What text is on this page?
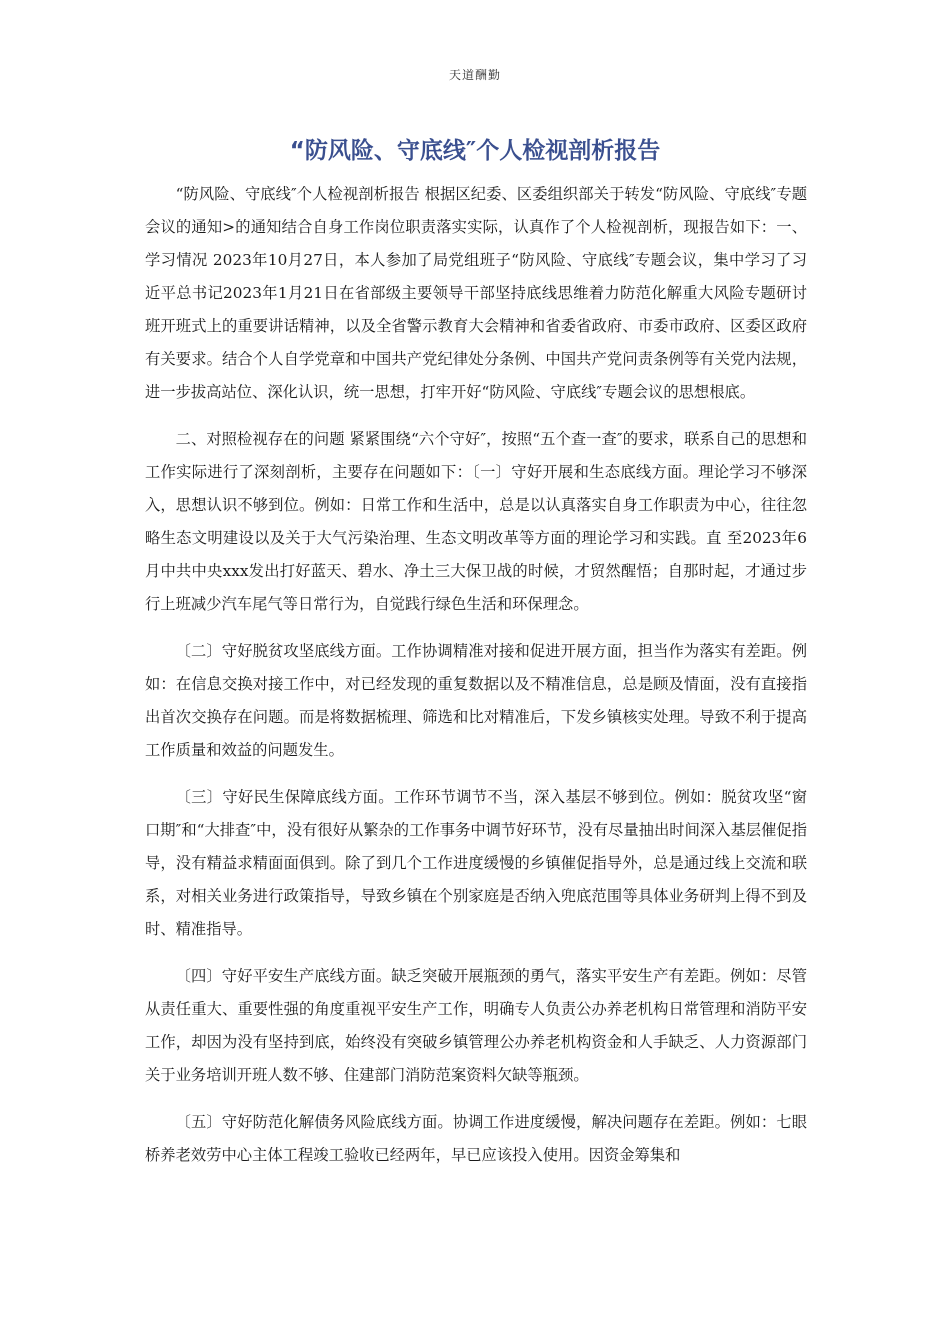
天道酬勤
“防风险、守底线″个人检视剖析报告

“防风险、守底线″个人检视剖析报告 根据区纪委、区委组织部关于转发“防风险、守底线″专题会议的通知>的通知结合自身工作岗位职责落实实际，认真作了个人检视剖析，现报告如下：一、学习情况 2023年10月27日，本人参加了局党组班子“防风险、守底线″专题会议，集中学习了习近平总书记2023年1月21日在省部级主要领导干部坚持底线思维着力防范化解重大风险专题研讨班开班式上的重要讲话精神，以及全省警示教育大会精神和省委省政府、市委市政府、区委区政府有关要求。结合个人自学党章和中国共产党纪律处分条例、中国共产党问责条例等有关党内法规，进一步拔高站位、深化认识，统一思想，打牢开好“防风险、守底线″专题会议的思想根底。

二、对照检视存在的问题 紧紧围绕“六个守好″，按照“五个查一查″的要求，联系自己的思想和工作实际进行了深刻剖析，主要存在问题如下：〔一〕守好开展和生态底线方面。理论学习不够深入，思想认识不够到位。例如：日常工作和生活中，总是以认真落实自身工作职责为中心，往往忽略生态文明建设以及关于大气污染治理、生态文明改革等方面的理论学习和实践。直 至2023年6月中共中央xxx发出打好蓝天、碧水、净土三大保卫战的时候，才贸然醒悟；自那时起，才通过步行上班减少汽车尾气等日常行为，自觉践行绿色生活和环保理念。

〔二〕守好脱贫攻坚底线方面。工作协调精准对接和促进开展方面，担当作为落实有差距。例如：在信息交换对接工作中，对已经发现的重复数据以及不精准信息，总是顾及情面，没有直接指出首次交换存在问题。而是将数据梳理、筛选和比对精准后，下发乡镇核实处理。导致不利于提高工作质量和效益的问题发生。

〔三〕守好民生保障底线方面。工作环节调节不当，深入基层不够到位。例如：脱贫攻坚“窗口期″和“大排查″中，没有很好从繁杂的工作事务中调节好环节，没有尽量抽出时间深入基层催促指导，没有精益求精面面俱到。除了到几个工作进度缓慢的乡镇催促指导外，总是通过线上交流和联系，对相关业务进行政策指导，导致乡镇在个别家庭是否纳入兜底范围等具体业务研判上得不到及时、精准指导。

〔四〕守好平安生产底线方面。缺乏突破开展瓶颈的勇气，落实平安生产有差距。例如：尽管从责任重大、重要性强的角度重视平安生产工作，明确专人负责公办养老机构日常管理和消防平安工作，却因为没有坚持到底，始终没有突破乡镇管理公办养老机构资金和人手缺乏、人力资源部门关于业务培训开班人数不够、住建部门消防范案资料欠缺等瓶颈。

〔五〕守好防范化解债务风险底线方面。协调工作进度缓慢，解决问题存在差距。例如：七眼桥养老效劳中心主体工程竣工验收已经两年，早已应该投入使用。因资金筹集和
